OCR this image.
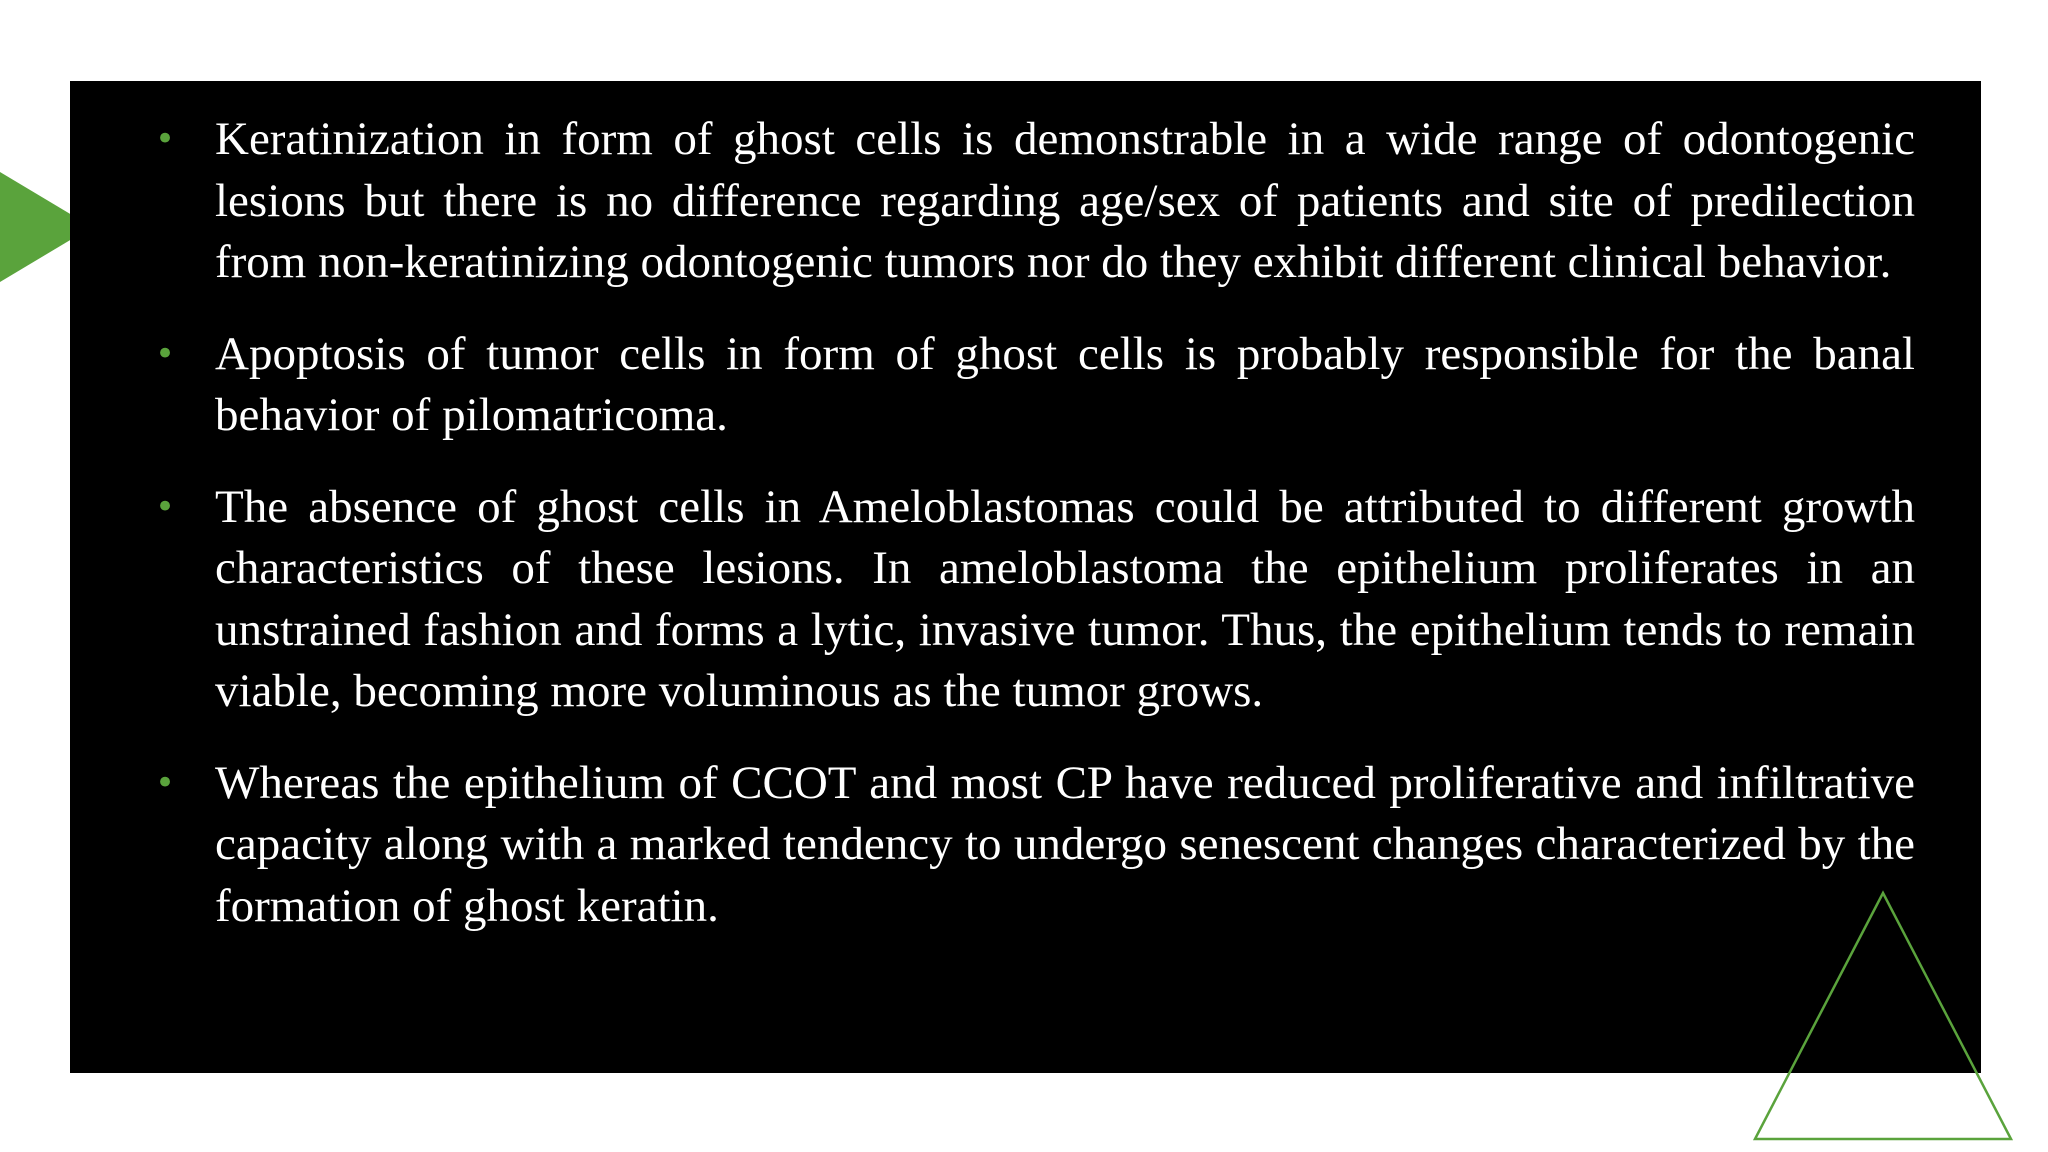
• Keratinization in form of ghost cells is demonstrable in a wide range of odontogenic lesions but there is no difference regarding age/sex of patients and site of predilection from non-keratinizing odontogenic tumors nor do they exhibit different clinical behavior.
• Apoptosis of tumor cells in form of ghost cells is probably responsible for the banal behavior of pilomatricoma.
• The absence of ghost cells in Ameloblastomas could be attributed to different growth characteristics of these lesions. In ameloblastoma the epithelium proliferates in an unstrained fashion and forms a lytic, invasive tumor. Thus, the epithelium tends to remain viable, becoming more voluminous as the tumor grows.
• Whereas the epithelium of CCOT and most CP have reduced proliferative and infiltrative capacity along with a marked tendency to undergo senescent changes characterized by the formation of ghost keratin.
